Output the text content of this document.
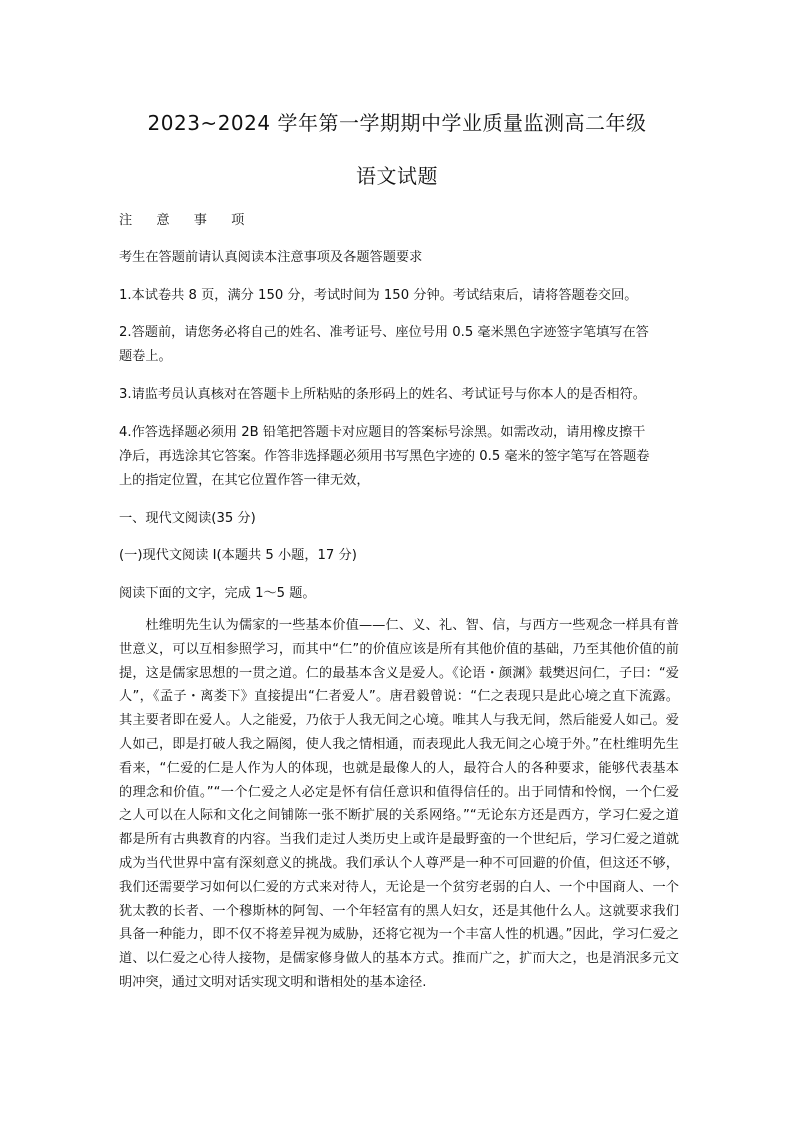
2023~2024 学年第一学期期中学业质量监测高二年级
语文试题
注 意 事 项
考生在答题前请认真阅读本注意事项及各题答题要求
1.本试卷共 8 页，满分 150 分，考试时间为 150 分钟。考试结束后，请将答题卷交回。
2.答题前，请您务必将自己的姓名、准考证号、座位号用 0.5 毫米黑色字迹签字笔填写在答
题卷上。
3.请监考员认真核对在答题卡上所粘贴的条形码上的姓名、考试证号与你本人的是否相符。
4.作答选择题必须用 2B 铅笔把答题卡对应题目的答案标号涂黑。如需改动，请用橡皮擦干
净后，再选涂其它答案。作答非选择题必须用书写黑色字迹的 0.5 毫米的签字笔写在答题卷
上的指定位置，在其它位置作答一律无效，
一、现代文阅读(35 分)
(一)现代文阅读 I(本题共 5 小题，17 分)
阅读下面的文字，完成 1～5 题。

杜维明先生认为儒家的一些基本价值——仁、义、礼、智、信，与西方一些观念一样具有普世意义，可以互相参照学习，而其中“仁”的价值应该是所有其他价值的基础，乃至其他价值的前提，这是儒家思想的一贯之道。仁的最基本含义是爱人。《论语・颜渊》载樊迟问仁，子曰：“爱人”，《孟子・离娄下》直接提出“仁者爱人”。唐君毅曾说：“仁之表现只是此心境之直下流露。其主要者即在爱人。人之能爱，乃依于人我无间之心境。唯其人与我无间，然后能爱人如己。爱人如己，即是打破人我之隔阂，使人我之情相通，而表现此人我无间之心境于外。”在杜维明先生看来，“仁爱的仁是人作为人的体现，也就是最像人的人，最符合人的各种要求，能够代表基本的理念和价值。”“一个仁爱之人必定是怀有信任意识和值得信任的。出于同情和怜悯，一个仁爱之人可以在人际和文化之间铺陈一张不断扩展的关系网络。”“无论东方还是西方，学习仁爱之道都是所有古典教育的内容。当我们走过人类历史上或许是最野蛮的一个世纪后，学习仁爱之道就成为当代世界中富有深刻意义的挑战。我们承认个人尊严是一种不可回避的价值，但这还不够，我们还需要学习如何以仁爱的方式来对待人，无论是一个贫穷老弱的白人、一个中国商人、一个犹太教的长者、一个穆斯林的阿訇、一个年轻富有的黑人妇女，还是其他什么人。这就要求我们具备一种能力，即不仅不将差异视为威胁，还将它视为一个丰富人性的机遇。”因此，学习仁爱之道、以仁爱之心待人接物，是儒家修身做人的基本方式。推而广之，扩而大之，也是消泯多元文明冲突，通过文明对话实现文明和谐相处的基本途径.
